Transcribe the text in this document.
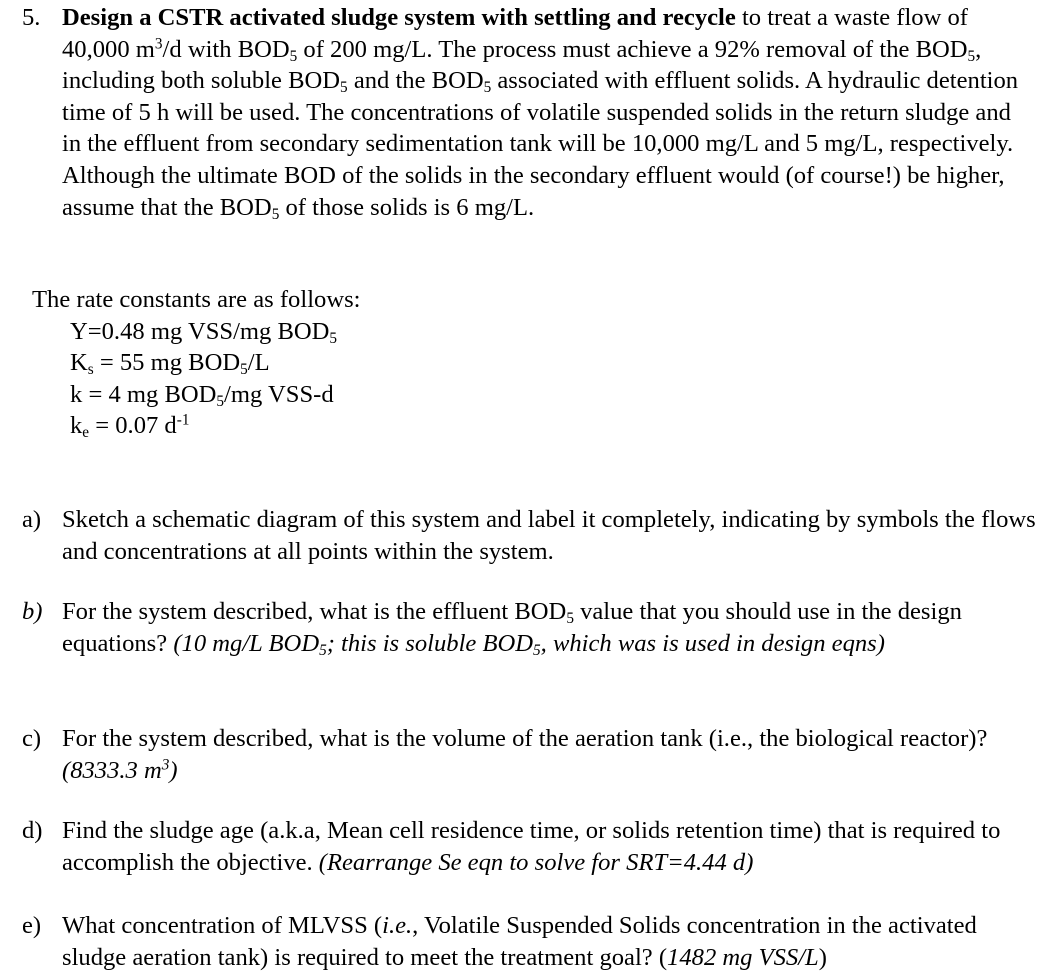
5. Design a CSTR activated sludge system with settling and recycle to treat a waste flow of 40,000 $m^3/d$ with $BOD_5$ of 200 mg/L. The process must achieve a 92% removal of the $BOD_5$, including both soluble $BOD_5$ and the $BOD_5$ associated with effluent solids. A hydraulic detention time of 5 h will be used. The concentrations of volatile suspended solids in the return sludge and in the effluent from secondary sedimentation tank will be 10,000 mg/L and 5 mg/L, respectively. Although the ultimate BOD of the solids in the secondary effluent would (of course!) be higher, assume that the $BOD_5$ of those solids is 6 mg/L.
The rate constants are as follows:
Y=0.48 mg VSS/mg $BOD_5$
$K_s = 55$ mg $BOD_5/L$
k = 4 mg $BOD_5/mg$ VSS-d
$k_e = 0.07$ $d^{-1}$
a) Sketch a schematic diagram of this system and label it completely, indicating by symbols the flows and concentrations at all points within the system.
b) For the system described, what is the effluent $BOD_5$ value that you should use in the design equations? (10 mg/L $BOD_5$; this is soluble $BOD_5$, which was is used in design eqns)
c) For the system described, what is the volume of the aeration tank (i.e., the biological reactor)? (8333.3 $m^3$)
d) Find the sludge age (a.k.a, Mean cell residence time, or solids retention time) that is required to accomplish the objective. (Rearrange Se eqn to solve for SRT=4.44 d)
e) What concentration of MLVSS (i.e., Volatile Suspended Solids concentration in the activated sludge aeration tank) is required to meet the treatment goal? (1482 mg VSS/L)
